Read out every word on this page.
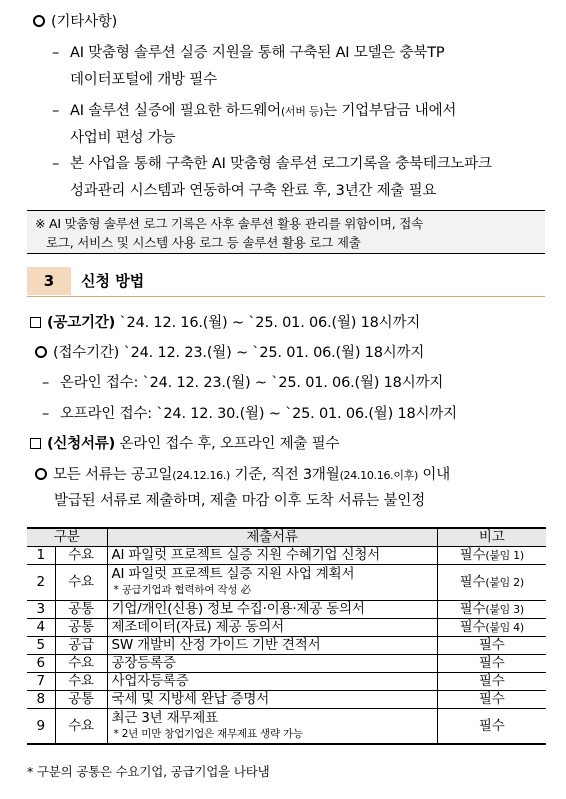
(기타사항)
– AI 맞춤형 솔루션 실증 지원을 통해 구축된 AI 모델은 충북TP
데이터포털에 개방 필수
– AI 솔루션 실증에 필요한 하드웨어(서버 등)는 기업부담금 내에서
사업비 편성 가능
– 본 사업을 통해 구축한 AI 맞춤형 솔루션 로그기록을 충북테크노파크
성과관리 시스템과 연동하여 구축 완료 후, 3년간 제출 필요
※ AI 맞춤형 솔루션 로그 기록은 사후 솔루션 활용 관리를 위함이며, 접속
로그, 서비스 및 시스템 사용 로그 등 솔루션 활용 로그 제출
3	신청 방법
(공고기간) `24. 12. 16.(월) ~ `25. 01. 06.(월) 18시까지
(접수기간) `24. 12. 23.(월) ~ `25. 01. 06.(월) 18시까지
– 온라인 접수: `24. 12. 23.(월) ~ `25. 01. 06.(월) 18시까지
– 오프라인 접수: `24. 12. 30.(월) ~ `25. 01. 06.(월) 18시까지
(신청서류) 온라인 접수 후, 오프라인 제출 필수
모든 서류는 공고일(24.12.16.) 기준, 직전 3개월(24.10.16.이후) 이내
발급된 서류로 제출하며, 제출 마감 이후 도착 서류는 불인정
구분		제출서류	비고
1	수요	AI 파일럿 프로젝트 실증 지원 수혜기업 신청서	필수(붙임 1)
2	수요	AI 파일럿 프로젝트 실증 지원 사업 계획서
* 공급기업과 협력하여 작성 必	필수(붙임 2)
3	공통	기업/개인(신용) 정보 수집·이용·제공 동의서	필수(붙임 3)
4	공통	제조데이터(자료) 제공 동의서	필수(붙임 4)
5	공급	SW 개발비 산정 가이드 기반 견적서	필수
6	수요	공장등록증	필수
7	수요	사업자등록증	필수
8	공통	국세 및 지방세 완납 증명서	필수
9	수요	최근 3년 재무제표
* 2년 미만 창업기업은 재무제표 생략 가능	필수
* 구분의 공통은 수요기업, 공급기업을 나타냄
